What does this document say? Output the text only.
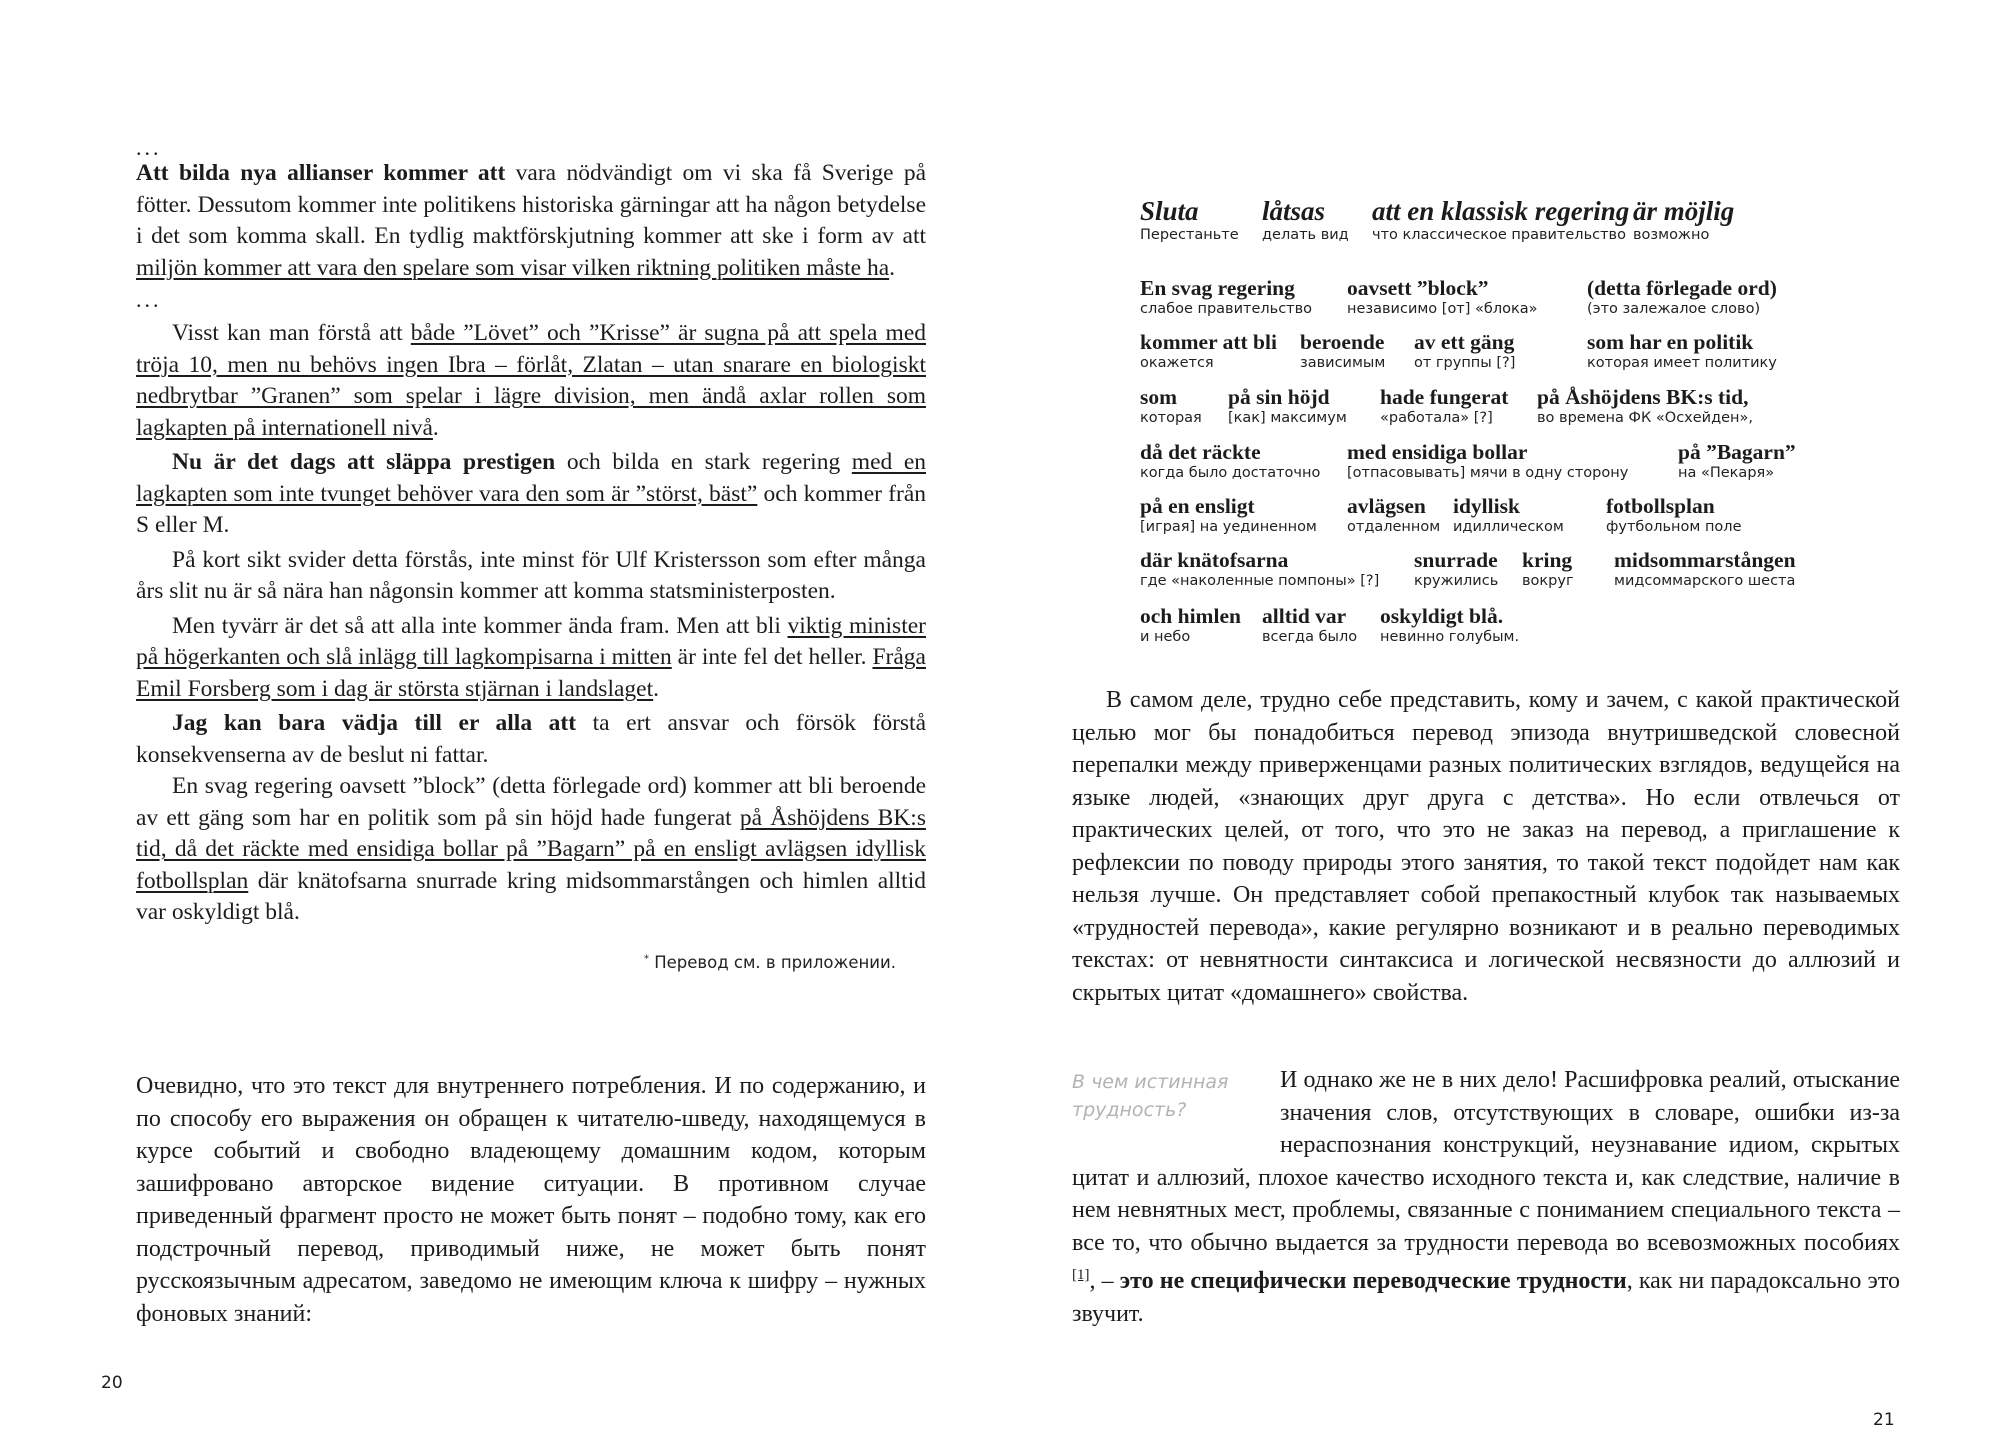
...

Att bilda nya allianser kommer att vara nödvändigt om vi ska få Sverige på fötter. Dessutom kommer inte politikens historiska gärningar att ha någon betydelse i det som komma skall. En tydlig maktförskjutning kommer att ske i form av att miljön kommer att vara den spelare som visar vilken riktning politiken måste ha.

...

Visst kan man förstå att både ”Lövet” och ”Krisse” är sugna på att spela med tröja 10, men nu behövs ingen Ibra – förlåt, Zlatan – utan snarare en biologiskt nedbrytbar ”Granen” som spelar i lägre division, men ändå axlar rollen som lagkapten på internationell nivå.

Nu är det dags att släppa prestigen och bilda en stark regering med en lagkapten som inte tvunget behöver vara den som är ”störst, bäst” och kommer från S eller M.

På kort sikt svider detta förstås, inte minst för Ulf Kristersson som efter många års slit nu är så nära han någonsin kommer att komma statsministerposten.

Men tyvärr är det så att alla inte kommer ända fram. Men att bli viktig minister på högerkanten och slå inlägg till lagkompisarna i mitten är inte fel det heller. Fråga Emil Forsberg som i dag är största stjärnan i landslaget.

Jag kan bara vädja till er alla att ta ert ansvar och försök förstå konsekvenserna av de beslut ni fattar.

En svag regering oavsett ”block” (detta förlegade ord) kommer att bli beroende av ett gäng som har en politik som på sin höjd hade fungerat på Åshöjdens BK:s tid, då det räckte med ensidiga bollar på ”Bagarn” på en ensligt avlägsen idyllisk fotbollsplan där knätofsarna snurrade kring midsommarstången och himlen alltid var oskyldigt blå.

* Перевод см. в приложении.

Очевидно, что это текст для внутреннего потребления. И по содержанию, и по способу его выражения он обращен к читателю-шведу, находящемуся в курсе событий и свободно владеющему домашним кодом, которым зашифровано авторское видение ситуации. В противном случае приведенный фрагмент просто не может быть понят – подобно тому, как его подстрочный перевод, приводимый ниже, не может быть понят русскоязычным адресатом, заведомо не имеющим ключа к шифру – нужных фоновых знаний:

20
Sluta
Перестаньте
låtsas
делать вид
att en klassisk regering
что классическое правительство
är möjlig
возможно
En svag regering
слабое правительство
oavsett ”block”
независимо [от] «блока»
(detta förlegade ord)
(это залежалое слово)
kommer att bli
окажется
beroende
зависимым
av ett gäng
от группы [?]
som har en politik
которая имеет политику
som
которая
på sin höjd
[как] максимум
hade fungerat
«работала» [?]
på Åshöjdens BK:s tid,
во времена ФК «Осхейден»,
då det räckte
когда было достаточно
med ensidiga bollar
[отпасовывать] мячи в одну сторону
på ”Bagarn”
на «Пекаря»
på en ensligt
[играя] на уединенном
avlägsen
отдаленном
idyllisk
идиллическом
fotbollsplan
футбольном поле
där knätofsarna
где «наколенные помпоны» [?]
snurrade
кружились
kring
вокруг
midsommarstången
мидсоммарского шеста
och himlen
и небо
alltid var
всегда было
oskyldigt blå.
невинно голубым.

В самом деле, трудно себе представить, кому и зачем, с какой практической целью мог бы понадобиться перевод эпизода внутришведской словесной перепалки между приверженцами разных политических взглядов, ведущейся на языке людей, «знающих друг друга с детства». Но если отвлечься от практических целей, от того, что это не заказ на перевод, а приглашение к рефлексии по поводу природы этого занятия, то такой текст подойдет нам как нельзя лучше. Он представляет собой препакостный клубок так называемых «трудностей перевода», какие регулярно возникают и в реально переводимых текстах: от невнятности синтаксиса и логической несвязности до аллюзий и скрытых цитат «домашнего» свойства.

В чем истинная
трудность?

И однако же не в них дело! Расшифровка реалий, отыскание значения слов, отсутствующих в словаре, ошибки из-за нераспознания конструкций, неузнавание идиом, скрытых цитат и аллюзий, плохое качество исходного текста и, как следствие, наличие в нем невнятных мест, проблемы, связанные с пониманием специального текста – все то, что обычно выдается за трудности перевода во всевозможных пособиях [1], – это не специфически переводческие трудности, как ни парадоксально это звучит.

21
